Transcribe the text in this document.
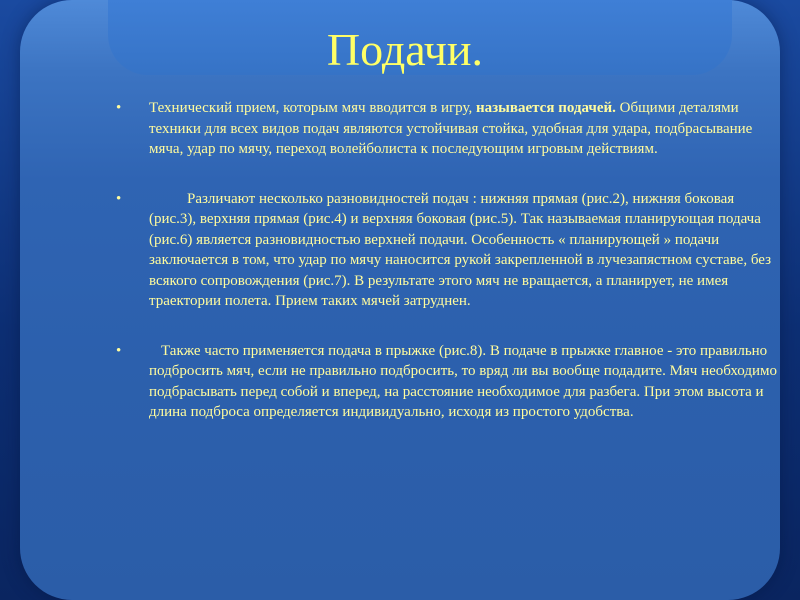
Подачи.
• Технический прием, которым мяч вводится в игру, называется подачей. Общими деталями техники для всех видов подач являются устойчивая стойка, удобная для удара, подбрасывание мяча, удар по мячу, переход волейболиста к последующим игровым действиям.

•	Различают несколько разновидностей подач : нижняя прямая (рис.2), нижняя боковая (рис.3), верхняя прямая (рис.4) и верхняя боковая (рис.5). Так называемая планирующая подача (рис.6) является разновидностью верхней подачи. Особенность « планирующей » подачи заключается в том, что удар по мячу наносится рукой закрепленной в лучезапястном суставе, без всякого сопровождения (рис.7). В результате этого мяч не вращается, а планирует, не имея траектории полета. Прием таких мячей затруднен.

•	Также часто применяется подача в прыжке (рис.8). В подаче в прыжке главное - это правильно подбросить мяч, если не правильно подбросить, то вряд ли вы вообще подадите. Мяч необходимо подбрасывать перед собой и вперед, на расстояние необходимое для разбега. При этом высота и длина подброса определяется индивидуально, исходя из простого удобства.
